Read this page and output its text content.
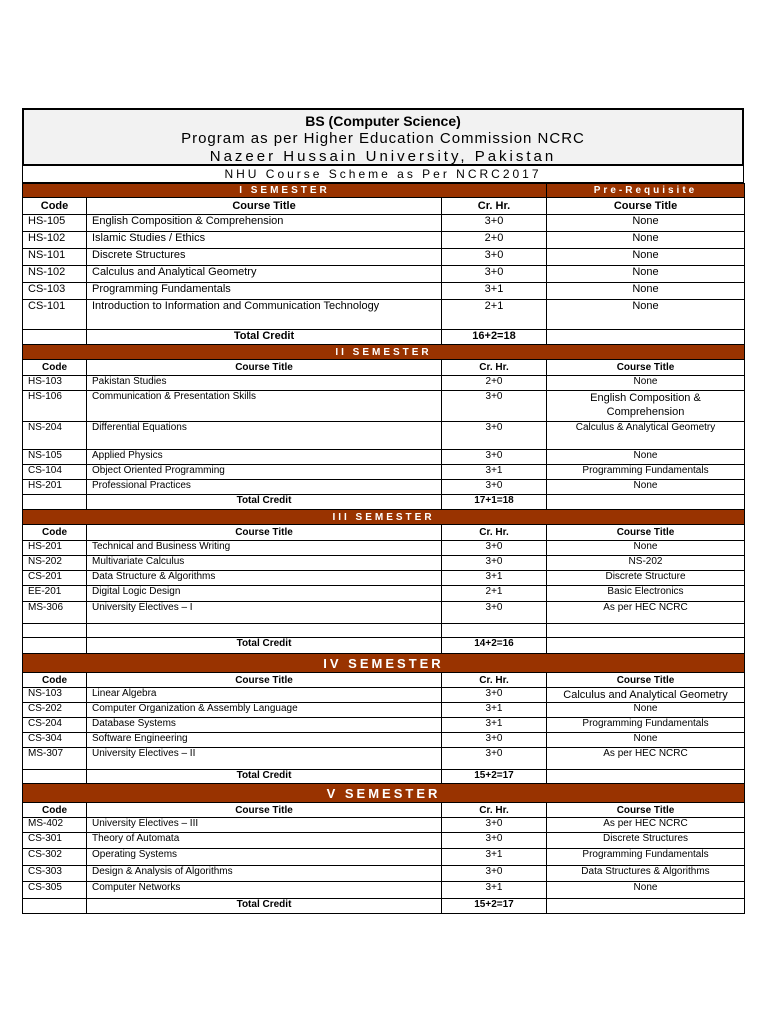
BS (Computer Science)
Program as per Higher Education Commission NCRC
Nazeer Hussain University, Pakistan
NHU Course Scheme as Per NCRC2017
I SEMESTER			Pre-Requisite
Code	Course Title	Cr. Hr.	Course Title
HS-105	English Composition & Comprehension	3+0	None
HS-102	Islamic Studies / Ethics	2+0	None
NS-101	Discrete Structures	3+0	None
NS-102	Calculus and Analytical Geometry	3+0	None
CS-103	Programming Fundamentals	3+1	None
CS-101	Introduction to Information and Communication Technology	2+1	None
	Total Credit	16+2=18	
II SEMESTER			
Code	Course Title	Cr. Hr.	Course Title
HS-103	Pakistan Studies	2+0	None
HS-106	Communication & Presentation Skills	3+0	English Composition & Comprehension
NS-204	Differential Equations	3+0	Calculus & Analytical Geometry
NS-105	Applied Physics	3+0	None
CS-104	Object Oriented Programming	3+1	Programming Fundamentals
HS-201	Professional Practices	3+0	None
	Total Credit	17+1=18	
III SEMESTER			
Code	Course Title	Cr. Hr.	Course Title
HS-201	Technical and Business Writing	3+0	None
NS-202	Multivariate Calculus	3+0	NS-202
CS-201	Data Structure & Algorithms	3+1	Discrete Structure
EE-201	Digital Logic Design	2+1	Basic Electronics
MS-306	University Electives – I	3+0	As per HEC NCRC

	Total Credit	14+2=16	
IV SEMESTER			
Code	Course Title	Cr. Hr.	Course Title
NS-103	Linear Algebra	3+0	Calculus and Analytical Geometry
CS-202	Computer Organization & Assembly Language	3+1	None
CS-204	Database Systems	3+1	Programming Fundamentals
CS-304	Software Engineering	3+0	None
MS-307	University Electives – II	3+0	As per HEC NCRC
	Total Credit	15+2=17	
V SEMESTER			
Code	Course Title	Cr. Hr.	Course Title
MS-402	University Electives – III	3+0	As per HEC NCRC
CS-301	Theory of Automata	3+0	Discrete Structures
CS-302	Operating Systems	3+1	Programming Fundamentals
CS-303	Design & Analysis of Algorithms	3+0	Data Structures & Algorithms
CS-305	Computer Networks	3+1	None
	Total Credit	15+2=17	
